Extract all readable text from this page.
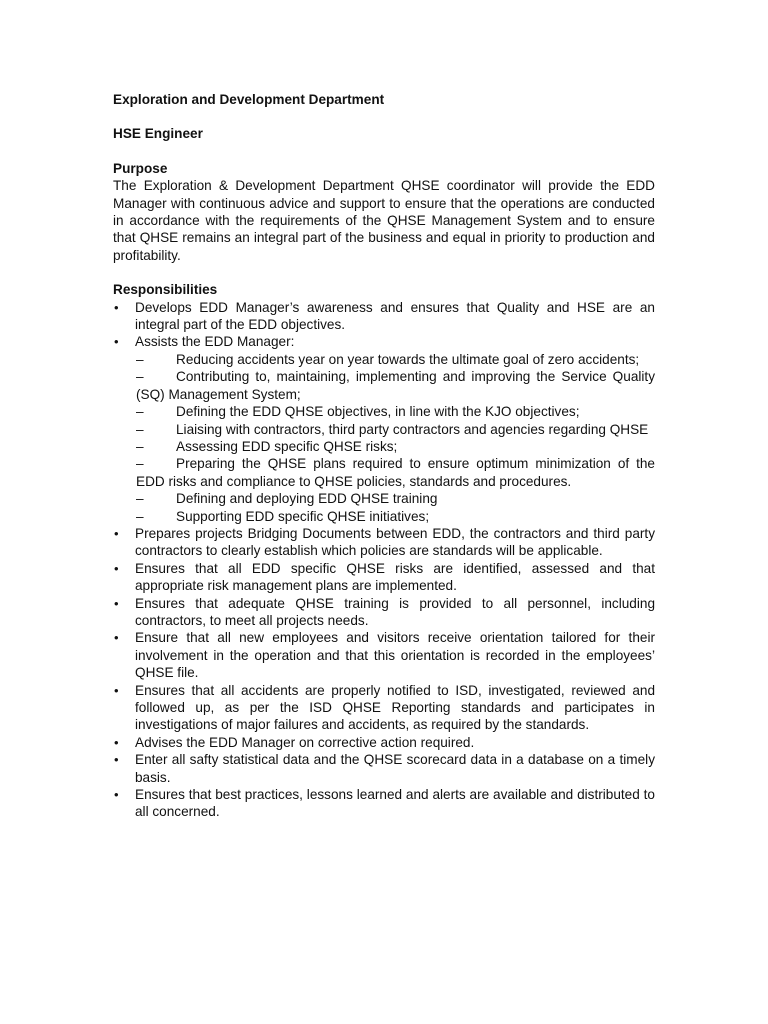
Exploration and Development Department

HSE Engineer

Purpose

The Exploration & Development Department QHSE coordinator will provide the EDD Manager with continuous advice and support to ensure that the operations are conducted in accordance with the requirements of the QHSE Management System and to ensure that QHSE remains an integral part of the business and equal in priority to production and profitability.

Responsibilities

• Develops EDD Manager’s awareness and ensures that Quality and HSE are an integral part of the EDD objectives.
• Assists the EDD Manager:
– Reducing accidents year on year towards the ultimate goal of zero accidents;
– Contributing to, maintaining, implementing and improving the Service Quality (SQ) Management System;
– Defining the EDD QHSE objectives, in line with the KJO objectives;
– Liaising with contractors, third party contractors and agencies regarding QHSE
– Assessing EDD specific QHSE risks;
– Preparing the QHSE plans required to ensure optimum minimization of the EDD risks and compliance to QHSE policies, standards and procedures.
– Defining and deploying EDD QHSE training
– Supporting EDD specific QHSE initiatives;
• Prepares projects Bridging Documents between EDD, the contractors and third party contractors to clearly establish which policies are standards will be applicable.
• Ensures that all EDD specific QHSE risks are identified, assessed and that appropriate risk management plans are implemented.
• Ensures that adequate QHSE training is provided to all personnel, including contractors, to meet all projects needs.
• Ensure that all new employees and visitors receive orientation tailored for their involvement in the operation and that this orientation is recorded in the employees’ QHSE file.
• Ensures that all accidents are properly notified to ISD, investigated, reviewed and followed up, as per the ISD QHSE Reporting standards and participates in investigations of major failures and accidents, as required by the standards.
• Advises the EDD Manager on corrective action required.
• Enter all safty statistical data and the QHSE scorecard data in a database on a timely basis.
• Ensures that best practices, lessons learned and alerts are available and distributed to all concerned.
